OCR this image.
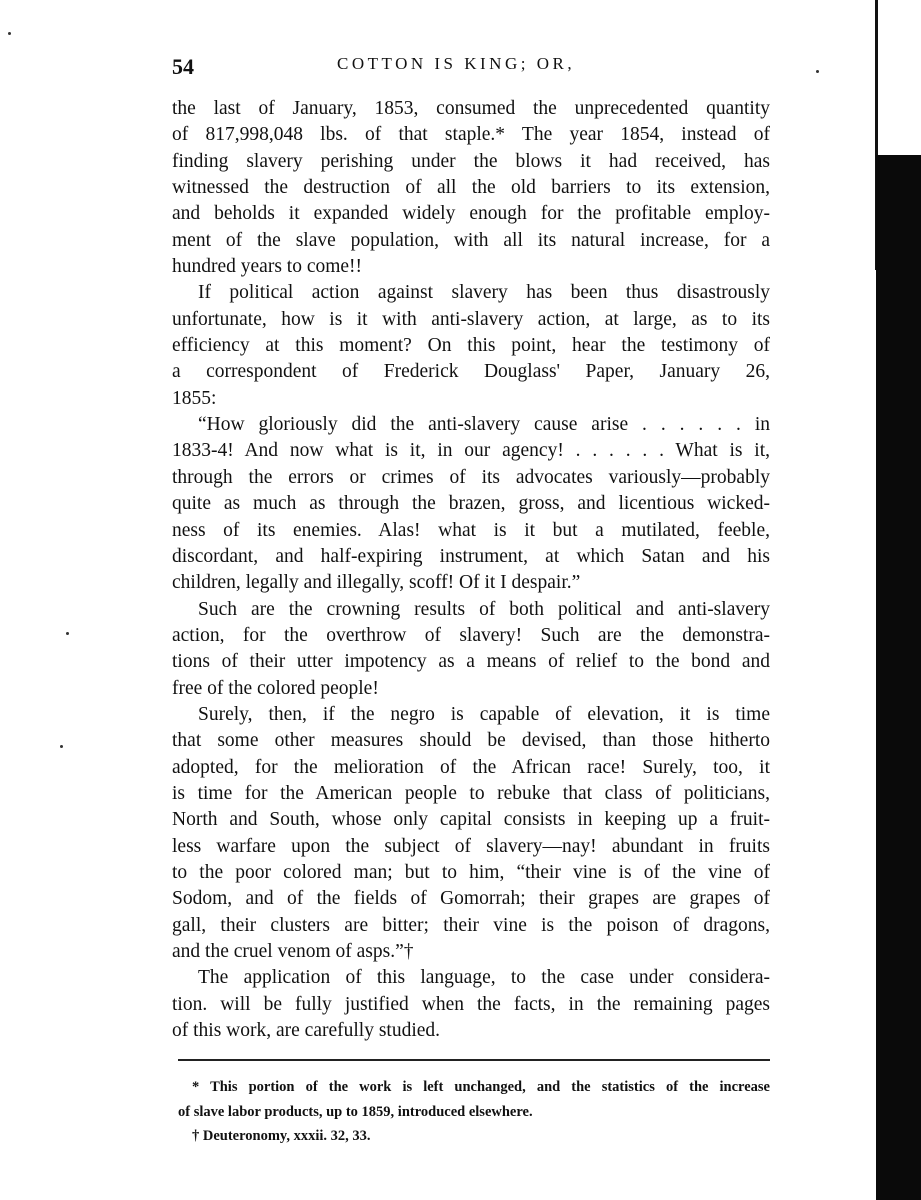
54	COTTON IS KING; OR,
the last of January, 1853, consumed the unprecedented quantity
of 817,998,048 lbs. of that staple.* The year 1854, instead of
finding slavery perishing under the blows it had received, has
witnessed the destruction of all the old barriers to its extension,
and beholds it expanded widely enough for the profitable employ-
ment of the slave population, with all its natural increase, for a
hundred years to come!!
If political action against slavery has been thus disastrously
unfortunate, how is it with anti-slavery action, at large, as to its
efficiency at this moment? On this point, hear the testimony of
a correspondent of Frederick Douglass' Paper, January 26,
1855:
“How gloriously did the anti-slavery cause arise . . . . . . in
1833-4! And now what is it, in our agency! . . . . . . What is it,
through the errors or crimes of its advocates variously—probably
quite as much as through the brazen, gross, and licentious wicked-
ness of its enemies. Alas! what is it but a mutilated, feeble,
discordant, and half-expiring instrument, at which Satan and his
children, legally and illegally, scoff! Of it I despair.”
Such are the crowning results of both political and anti-slavery
action, for the overthrow of slavery! Such are the demonstra-
tions of their utter impotency as a means of relief to the bond and
free of the colored people!
Surely, then, if the negro is capable of elevation, it is time
that some other measures should be devised, than those hitherto
adopted, for the melioration of the African race! Surely, too, it
is time for the American people to rebuke that class of politicians,
North and South, whose only capital consists in keeping up a fruit-
less warfare upon the subject of slavery—nay! abundant in fruits
to the poor colored man; but to him, “their vine is of the vine of
Sodom, and of the fields of Gomorrah; their grapes are grapes of
gall, their clusters are bitter; their vine is the poison of dragons,
and the cruel venom of asps.”†
The application of this language, to the case under considera-
tion. will be fully justified when the facts, in the remaining pages
of this work, are carefully studied.
* This portion of the work is left unchanged, and the statistics of the increase
of slave labor products, up to 1859, introduced elsewhere.
† Deuteronomy, xxxii. 32, 33.
